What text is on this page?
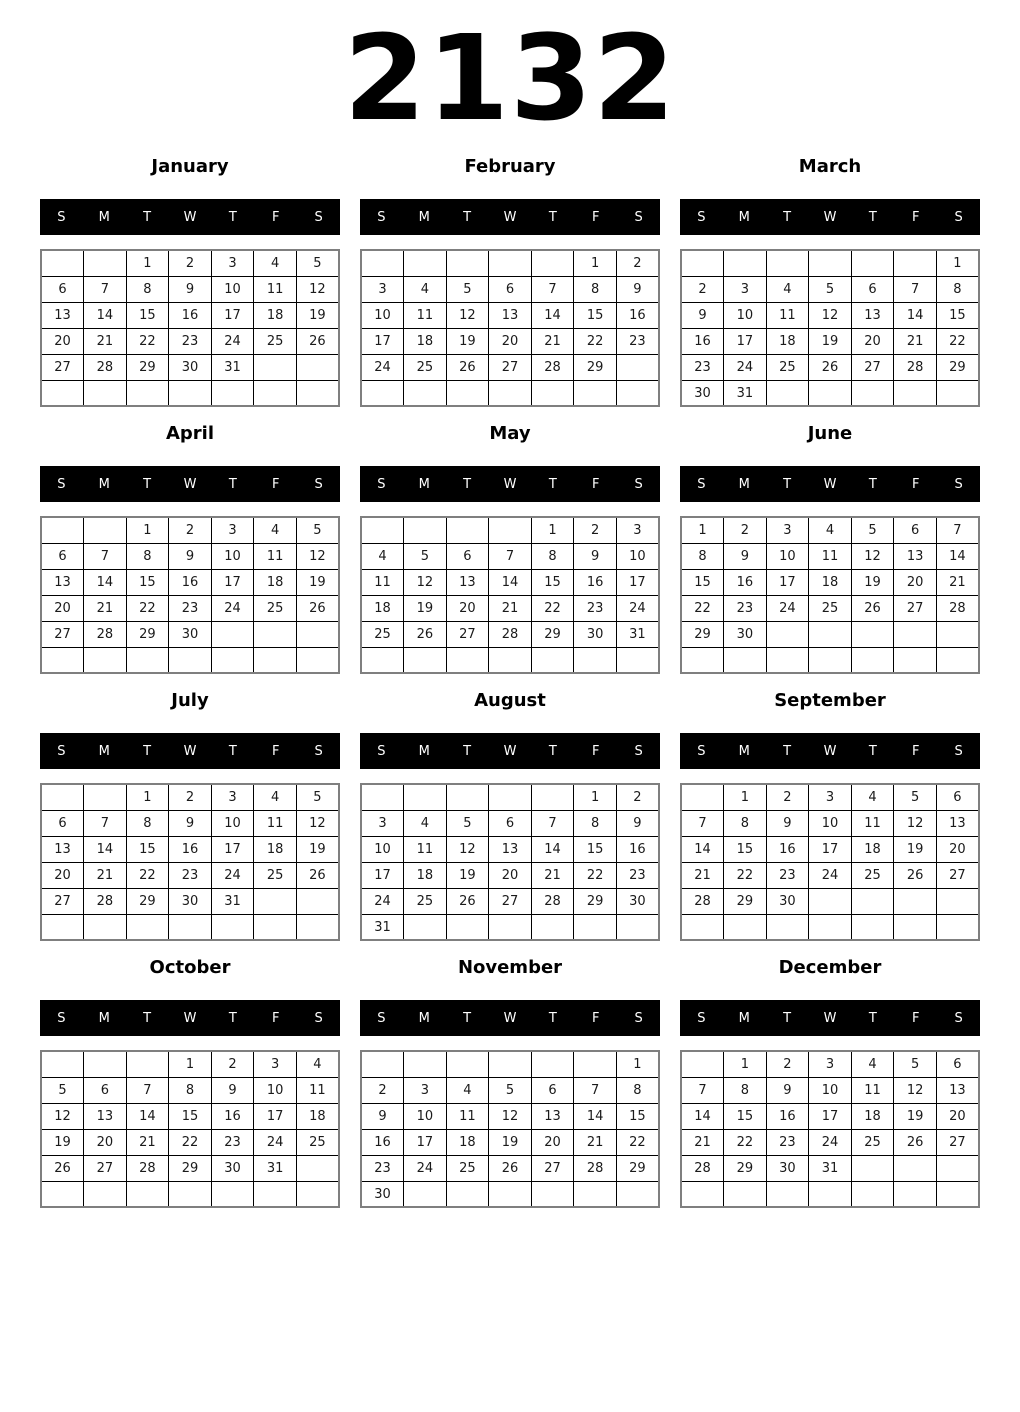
2132
January
S	M	T	W	T	F	S
		1	2	3	4	5
6	7	8	9	10	11	12
13	14	15	16	17	18	19
20	21	22	23	24	25	26
27	28	29	30	31		

February
S	M	T	W	T	F	S
					1	2
3	4	5	6	7	8	9
10	11	12	13	14	15	16
17	18	19	20	21	22	23
24	25	26	27	28	29	

March
S	M	T	W	T	F	S
						1
2	3	4	5	6	7	8
9	10	11	12	13	14	15
16	17	18	19	20	21	22
23	24	25	26	27	28	29
30	31					
April
S	M	T	W	T	F	S
		1	2	3	4	5
6	7	8	9	10	11	12
13	14	15	16	17	18	19
20	21	22	23	24	25	26
27	28	29	30			

May
S	M	T	W	T	F	S
				1	2	3
4	5	6	7	8	9	10
11	12	13	14	15	16	17
18	19	20	21	22	23	24
25	26	27	28	29	30	31

June
S	M	T	W	T	F	S
1	2	3	4	5	6	7
8	9	10	11	12	13	14
15	16	17	18	19	20	21
22	23	24	25	26	27	28
29	30					

July
S	M	T	W	T	F	S
		1	2	3	4	5
6	7	8	9	10	11	12
13	14	15	16	17	18	19
20	21	22	23	24	25	26
27	28	29	30	31		

August
S	M	T	W	T	F	S
					1	2
3	4	5	6	7	8	9
10	11	12	13	14	15	16
17	18	19	20	21	22	23
24	25	26	27	28	29	30
31						
September
S	M	T	W	T	F	S
	1	2	3	4	5	6
7	8	9	10	11	12	13
14	15	16	17	18	19	20
21	22	23	24	25	26	27
28	29	30				

October
S	M	T	W	T	F	S
			1	2	3	4
5	6	7	8	9	10	11
12	13	14	15	16	17	18
19	20	21	22	23	24	25
26	27	28	29	30	31	

November
S	M	T	W	T	F	S
						1
2	3	4	5	6	7	8
9	10	11	12	13	14	15
16	17	18	19	20	21	22
23	24	25	26	27	28	29
30						
December
S	M	T	W	T	F	S
	1	2	3	4	5	6
7	8	9	10	11	12	13
14	15	16	17	18	19	20
21	22	23	24	25	26	27
28	29	30	31			
